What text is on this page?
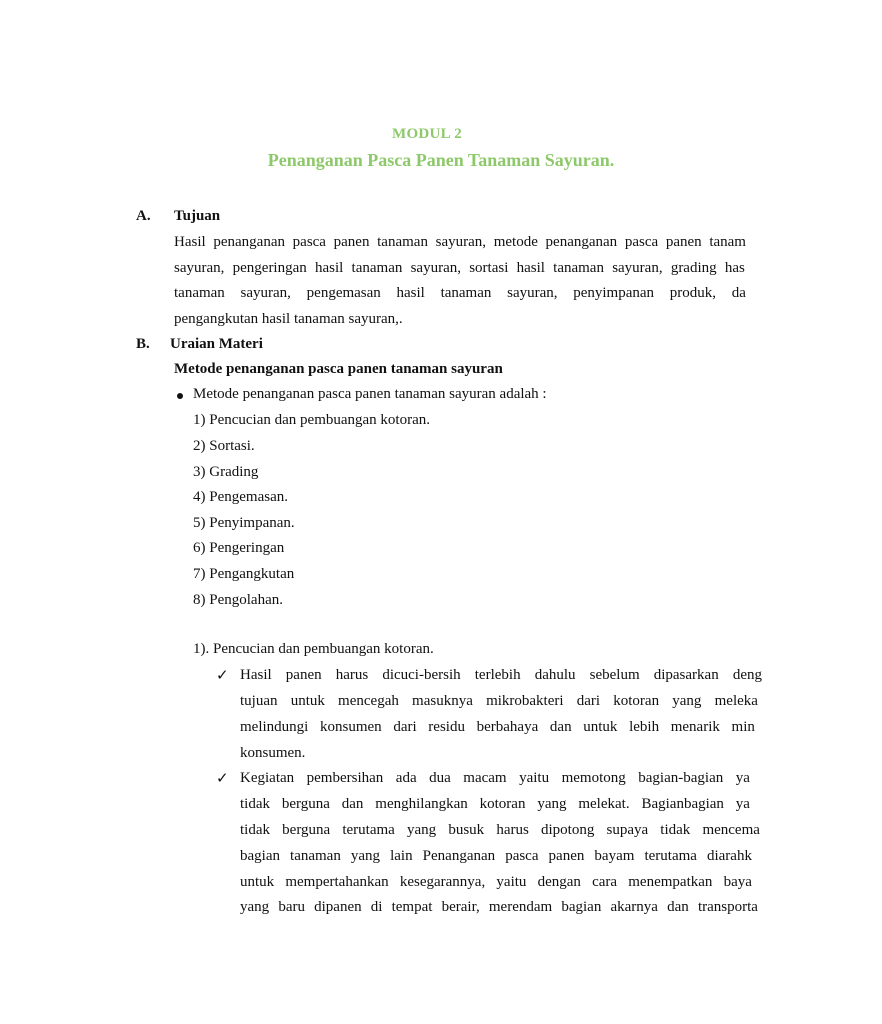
MODUL 2
Penanganan Pasca Panen Tanaman Sayuran.
A. Tujuan
Hasil penanganan pasca panen tanaman sayuran, metode penanganan pasca panen tanam
sayuran, pengeringan hasil tanaman sayuran, sortasi hasil tanaman sayuran, grading has
tanaman sayuran, pengemasan hasil tanaman sayuran, penyimpanan produk, da
pengangkutan hasil tanaman sayuran,.
B. Uraian Materi
Metode penanganan pasca panen tanaman sayuran
Metode penanganan pasca panen tanaman sayuran adalah :
1) Pencucian dan pembuangan kotoran.
2) Sortasi.
3) Grading
4) Pengemasan.
5) Penyimpanan.
6) Pengeringan
7) Pengangkutan
8) Pengolahan.
1). Pencucian dan pembuangan kotoran.
✓ Hasil panen harus dicuci-bersih terlebih dahulu sebelum dipasarkan deng
tujuan untuk mencegah masuknya mikrobakteri dari kotoran yang meleka
melindungi konsumen dari residu berbahaya dan untuk lebih menarik min
konsumen.
✓ Kegiatan pembersihan ada dua macam yaitu memotong bagian-bagian ya
tidak berguna dan menghilangkan kotoran yang melekat. Bagianbagian ya
tidak berguna terutama yang busuk harus dipotong supaya tidak mencema
bagian tanaman yang lain Penanganan pasca panen bayam terutama diarahk
untuk mempertahankan kesegarannya, yaitu dengan cara menempatkan baya
yang baru dipanen di tempat berair, merendam bagian akarnya dan transporta
